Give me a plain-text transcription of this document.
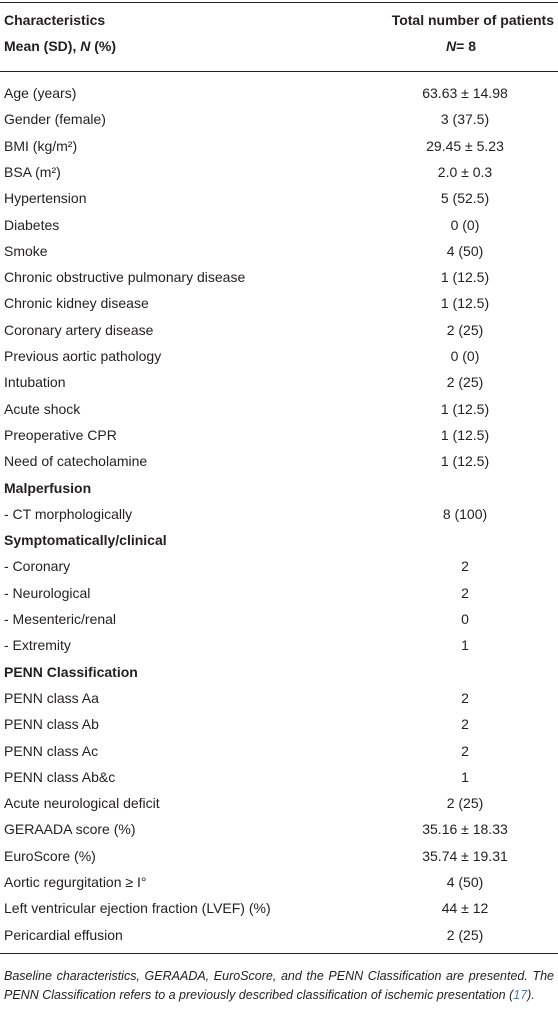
Characteristics	Total number of patients
Mean (SD), N (%)	N= 8
Age (years)	63.63 ± 14.98
Gender (female)	3 (37.5)
BMI (kg/m²)	29.45 ± 5.23
BSA (m²)	2.0 ± 0.3
Hypertension	5 (52.5)
Diabetes	0 (0)
Smoke	4 (50)
Chronic obstructive pulmonary disease	1 (12.5)
Chronic kidney disease	1 (12.5)
Coronary artery disease	2 (25)
Previous aortic pathology	0 (0)
Intubation	2 (25)
Acute shock	1 (12.5)
Preoperative CPR	1 (12.5)
Need of catecholamine	1 (12.5)
Malperfusion
- CT morphologically	8 (100)
Symptomatically/clinical
- Coronary	2
- Neurological	2
- Mesenteric/renal	0
- Extremity	1
PENN Classification
PENN class Aa	2
PENN class Ab	2
PENN class Ac	2
PENN class Ab&c	1
Acute neurological deficit	2 (25)
GERAADA score (%)	35.16 ± 18.33
EuroScore (%)	35.74 ± 19.31
Aortic regurgitation ≥ I°	4 (50)
Left ventricular ejection fraction (LVEF) (%)	44 ± 12
Pericardial effusion	2 (25)
Baseline characteristics, GERAADA, EuroScore, and the PENN Classification are presented. The PENN Classification refers to a previously described classification of ischemic presentation (17).
